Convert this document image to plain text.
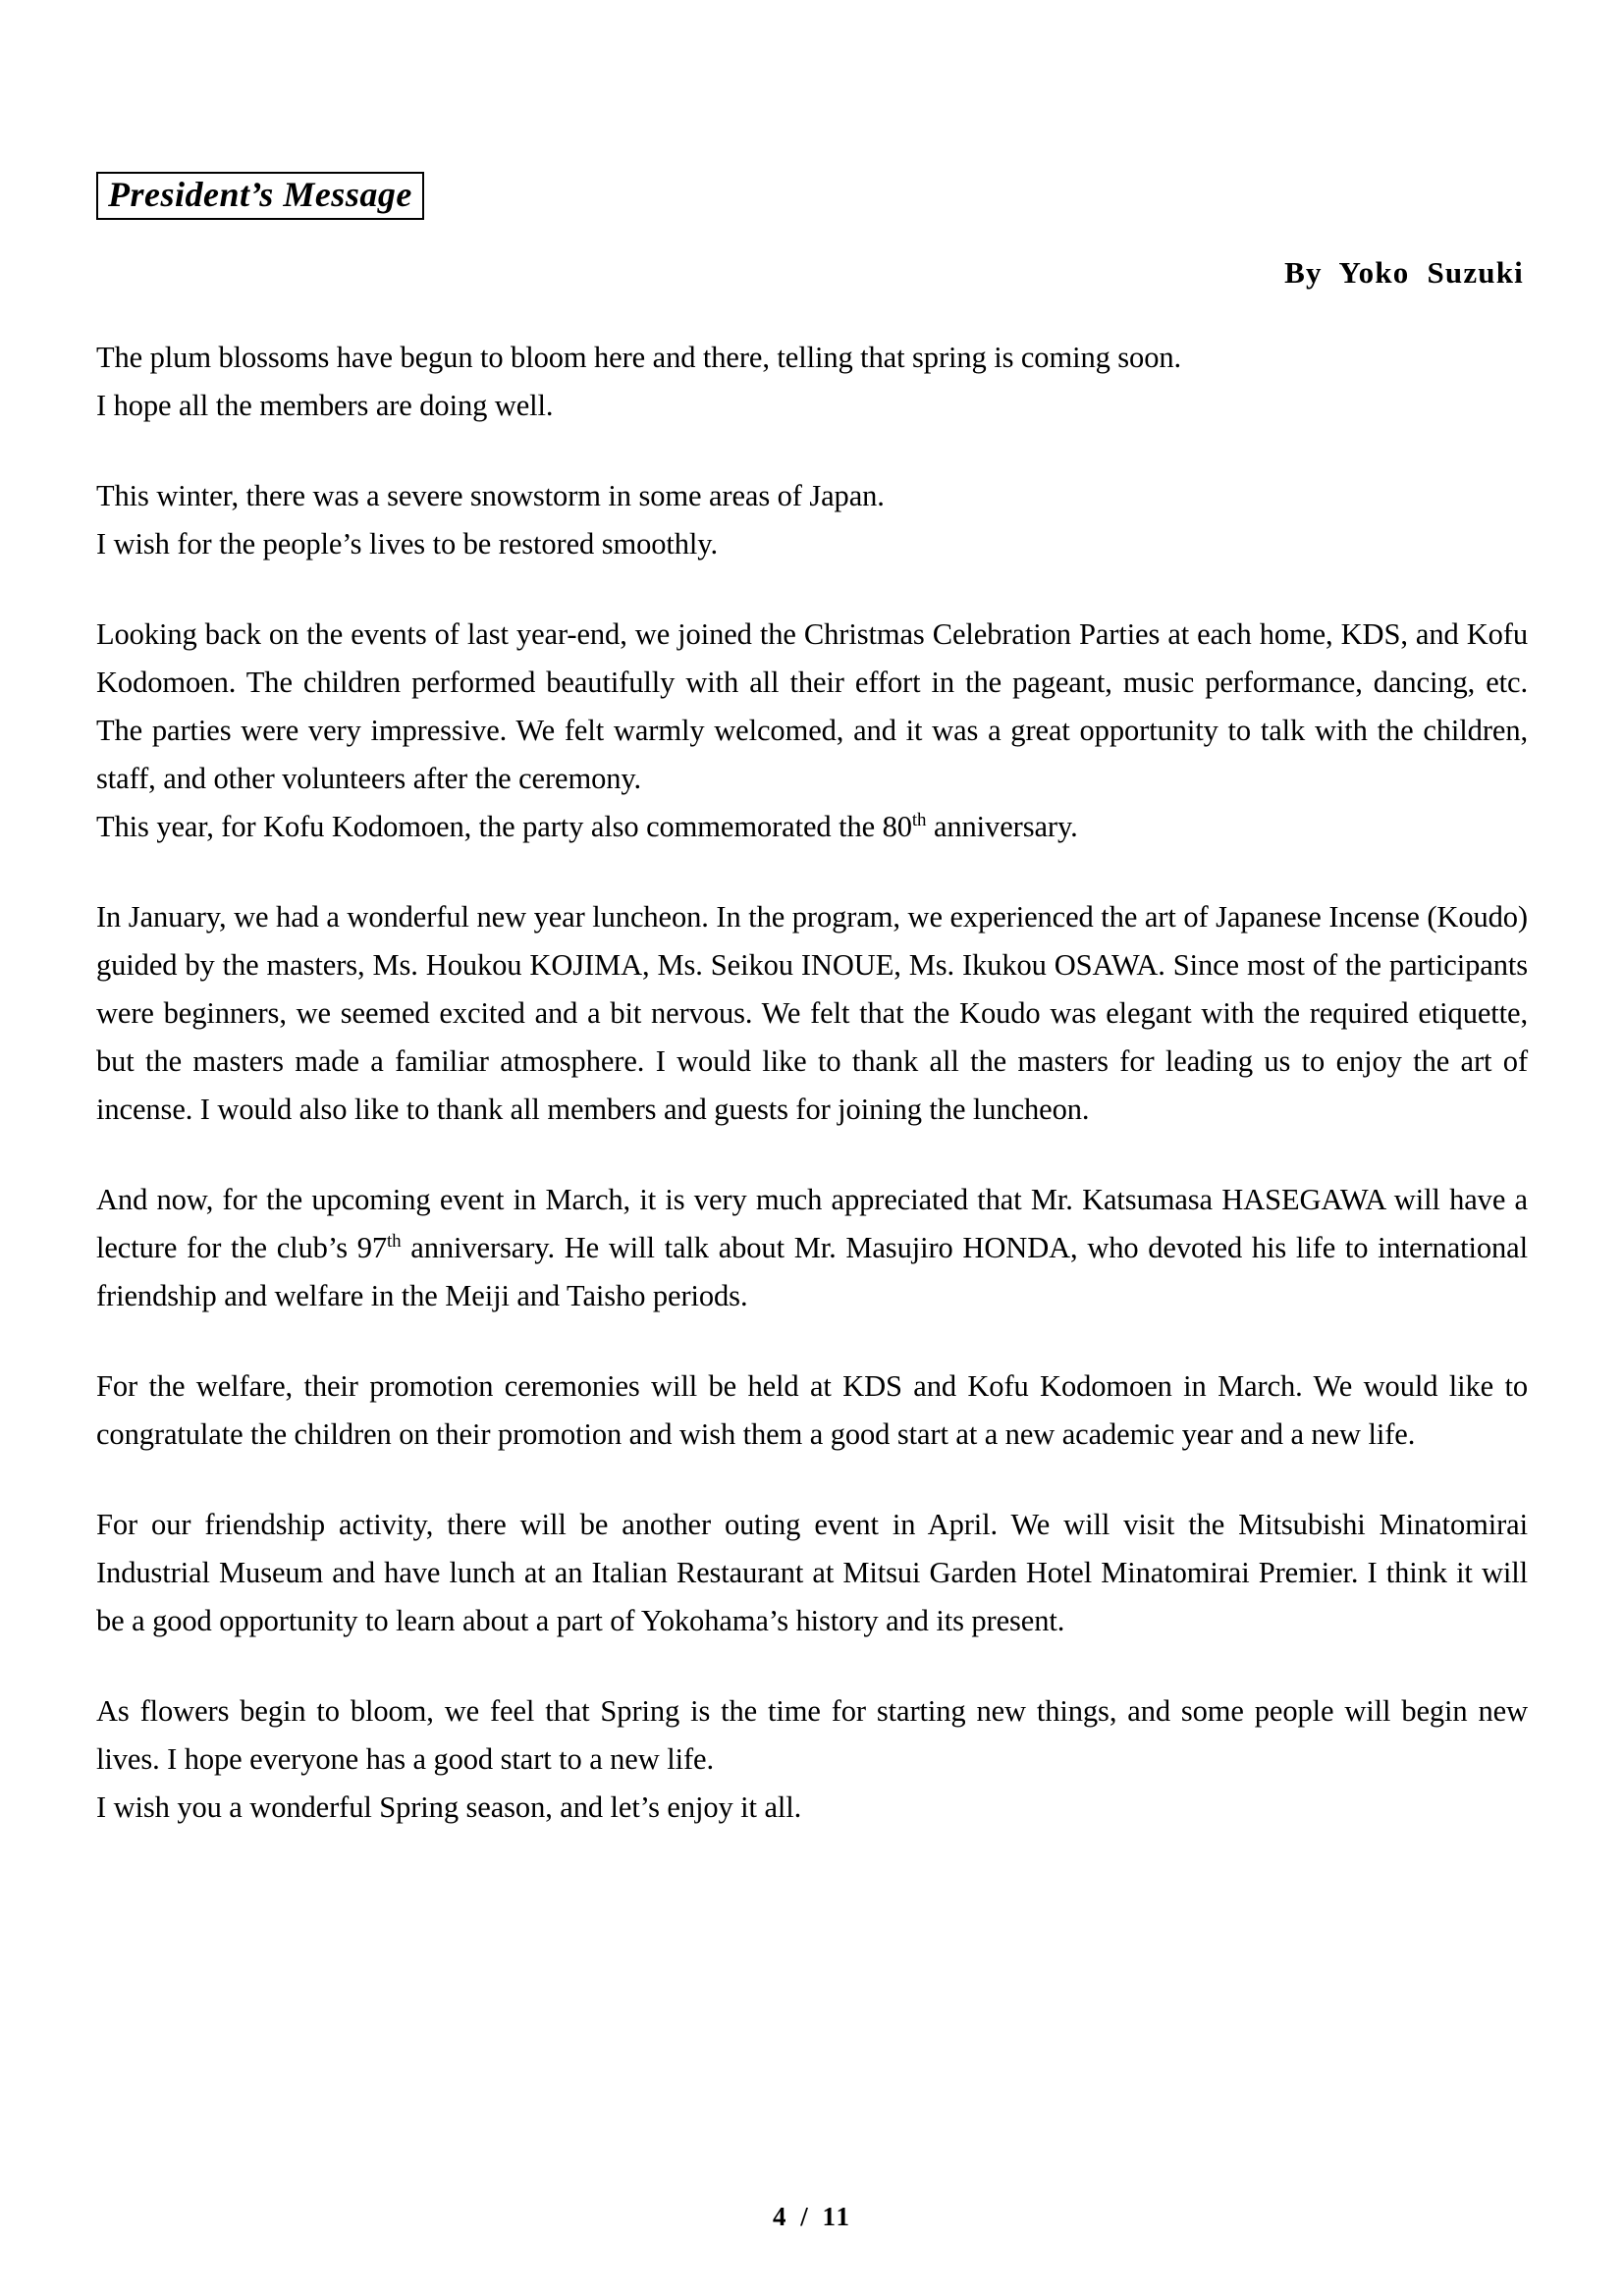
President’s Message
By Yoko Suzuki

The plum blossoms have begun to bloom here and there, telling that spring is coming soon.
I hope all the members are doing well.

This winter, there was a severe snowstorm in some areas of Japan.
I wish for the people’s lives to be restored smoothly.

Looking back on the events of last year-end, we joined the Christmas Celebration Parties at each home, KDS, and Kofu Kodomoen. The children performed beautifully with all their effort in the pageant, music performance, dancing, etc. The parties were very impressive. We felt warmly welcomed, and it was a great opportunity to talk with the children, staff, and other volunteers after the ceremony.

This year, for Kofu Kodomoen, the party also commemorated the 80th anniversary.

In January, we had a wonderful new year luncheon. In the program, we experienced the art of Japanese Incense (Koudo) guided by the masters, Ms. Houkou KOJIMA, Ms. Seikou INOUE, Ms. Ikukou OSAWA. Since most of the participants were beginners, we seemed excited and a bit nervous. We felt that the Koudo was elegant with the required etiquette, but the masters made a familiar atmosphere. I would like to thank all the masters for leading us to enjoy the art of incense. I would also like to thank all members and guests for joining the luncheon.

And now, for the upcoming event in March, it is very much appreciated that Mr. Katsumasa HASEGAWA will have a lecture for the club’s 97th anniversary. He will talk about Mr. Masujiro HONDA, who devoted his life to international friendship and welfare in the Meiji and Taisho periods.

For the welfare, their promotion ceremonies will be held at KDS and Kofu Kodomoen in March. We would like to congratulate the children on their promotion and wish them a good start at a new academic year and a new life.

For our friendship activity, there will be another outing event in April. We will visit the Mitsubishi Minatomirai Industrial Museum and have lunch at an Italian Restaurant at Mitsui Garden Hotel Minatomirai Premier. I think it will be a good opportunity to learn about a part of Yokohama’s history and its present.

As flowers begin to bloom, we feel that Spring is the time for starting new things, and some people will begin new lives. I hope everyone has a good start to a new life.

I wish you a wonderful Spring season, and let’s enjoy it all.

4 / 11
